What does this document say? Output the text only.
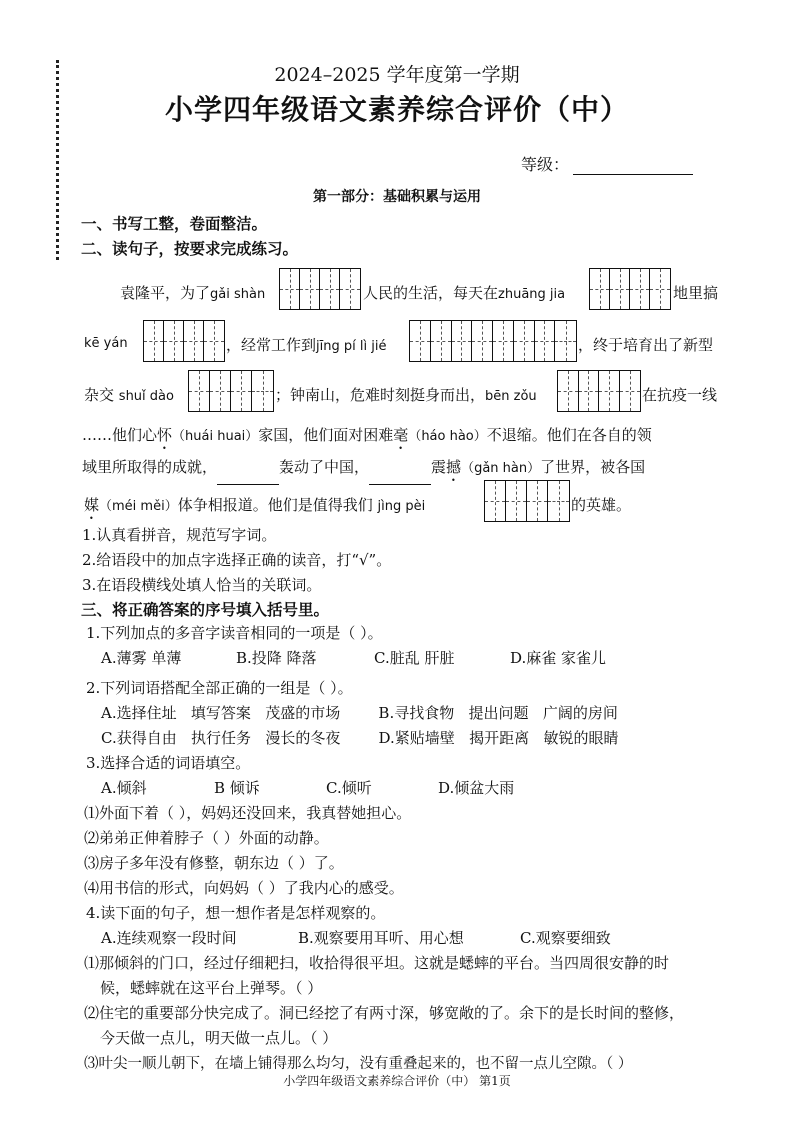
2024–2025 学年度第一学期
小学四年级语文素养综合评价（中）
等级：
第一部分：基础积累与运用
一、书写工整，卷面整洁。
二、读句子，按要求完成练习。
袁隆平，为了gǎi shàn	人民的生活，每天在zhuāng jia	地里搞
kē yán	，经常工作到jīng pí lì jié	，终于培育出了新型
杂交 shuǐ dào	；钟南山，危难时刻挺身而出，bēn zǒu	在抗疫一线
……他们心怀（huái huai）家国，他们面对困难毫（háo hào）不退缩。他们在各自的领
域里所取得的成就，	轰动了中国，	震撼（gǎn hàn）了世界，被各国
媒（méi měi）体争相报道。他们是值得我们 jìng pèi	的英雄。
1.认真看拼音，规范写字词。
2.给语段中的加点字选择正确的读音，打“√”。
3.在语段横线处填人恰当的关联词。
三、将正确答案的序号填入括号里。
1.下列加点的多音字读音相同的一项是（ ）。
A.薄雾 单薄	B.投降 降落	C.脏乱 肝脏	D.麻雀 家雀儿
2.下列词语搭配全部正确的一组是（ ）。
A.选择住址 填写答案 茂盛的市场	B.寻找食物 提出问题 广阔的房间
C.获得自由 执行任务 漫长的冬夜	D.紧贴墙壁 揭开距离 敏锐的眼睛
3.选择合适的词语填空。
A.倾斜	B 倾诉	C.倾听	D.倾盆大雨
⑴外面下着（ ），妈妈还没回来，我真替她担心。
⑵弟弟正伸着脖子（ ）外面的动静。
⑶房子多年没有修整，朝东边（ ）了。
⑷用书信的形式，向妈妈（ ）了我内心的感受。
4.读下面的句子，想一想作者是怎样观察的。
A.连续观察一段时间	B.观察要用耳听、用心想	C.观察要细致
⑴那倾斜的门口，经过仔细耙扫，收拾得很平坦。这就是蟋蟀的平台。当四周很安静的时
候，蟋蟀就在这平台上弹琴。（ ）
⑵住宅的重要部分快完成了。洞已经挖了有两寸深，够宽敞的了。余下的是长时间的整修，
今天做一点儿，明天做一点儿。（ ）
⑶叶尖一顺儿朝下，在墙上铺得那么均匀，没有重叠起来的，也不留一点儿空隙。（ ）
小学四年级语文素养综合评价（中） 第1页
